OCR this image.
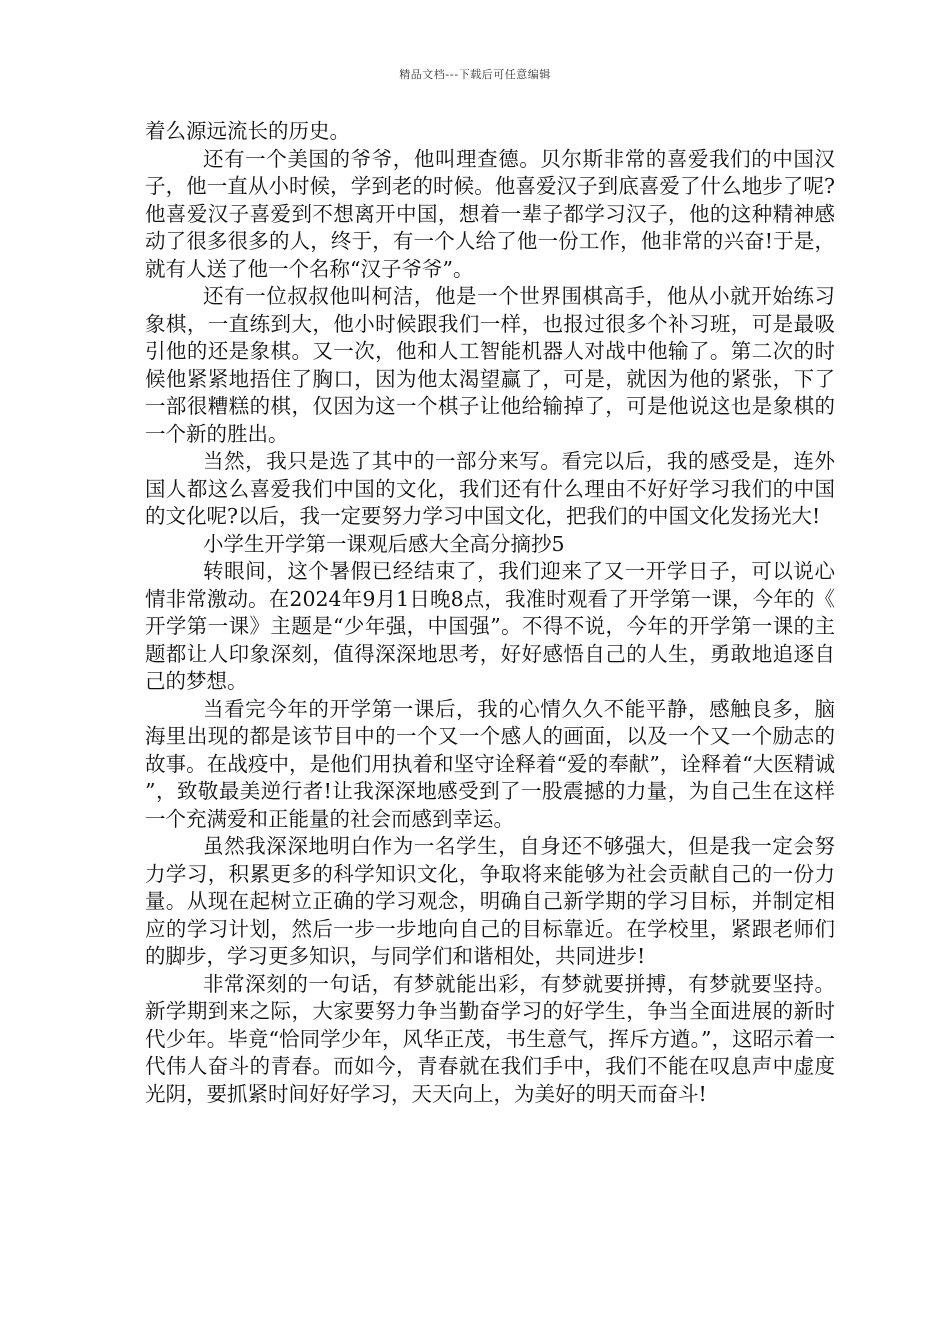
精品文档---下载后可任意编辑

着么源远流长的历史。

还有一个美国的爷爷，他叫理查德。贝尔斯非常的喜爱我们的中国汉子，他一直从小时候，学到老的时候。他喜爱汉子到底喜爱了什么地步了呢?他喜爱汉子喜爱到不想离开中国，想着一辈子都学习汉子，他的这种精神感动了很多很多的人，终于，有一个人给了他一份工作，他非常的兴奋!于是，就有人送了他一个名称“汉子爷爷”。

还有一位叔叔他叫柯洁，他是一个世界围棋高手，他从小就开始练习象棋，一直练到大，他小时候跟我们一样，也报过很多个补习班，可是最吸引他的还是象棋。又一次，他和人工智能机器人对战中他输了。第二次的时候他紧紧地捂住了胸口，因为他太渴望赢了，可是，就因为他的紧张，下了一部很糟糕的棋，仅因为这一个棋子让他给输掉了，可是他说这也是象棋的一个新的胜出。

当然，我只是选了其中的一部分来写。看完以后，我的感受是，连外国人都这么喜爱我们中国的文化，我们还有什么理由不好好学习我们的中国的文化呢?以后，我一定要努力学习中国文化，把我们的中国文化发扬光大!

小学生开学第一课观后感大全高分摘抄5

转眼间，这个暑假已经结束了，我们迎来了又一开学日子，可以说心情非常激动。在2024年9月1日晚8点，我准时观看了开学第一课，今年的《开学第一课》主题是“少年强，中国强”。不得不说，今年的开学第一课的主题都让人印象深刻，值得深深地思考，好好感悟自己的人生，勇敢地追逐自己的梦想。

当看完今年的开学第一课后，我的心情久久不能平静，感触良多，脑海里出现的都是该节目中的一个又一个感人的画面，以及一个又一个励志的故事。在战疫中，是他们用执着和坚守诠释着“爱的奉献”，诠释着“大医精诚”，致敬最美逆行者!让我深深地感受到了一股震撼的力量，为自己生在这样一个充满爱和正能量的社会而感到幸运。

虽然我深深地明白作为一名学生，自身还不够强大，但是我一定会努力学习，积累更多的科学知识文化，争取将来能够为社会贡献自己的一份力量。从现在起树立正确的学习观念，明确自己新学期的学习目标，并制定相应的学习计划，然后一步一步地向自己的目标靠近。在学校里，紧跟老师们的脚步，学习更多知识，与同学们和谐相处，共同进步!

非常深刻的一句话，有梦就能出彩，有梦就要拼搏，有梦就要坚持。新学期到来之际，大家要努力争当勤奋学习的好学生，争当全面进展的新时代少年。毕竟“恰同学少年，风华正茂，书生意气，挥斥方遒。”，这昭示着一代伟人奋斗的青春。而如今，青春就在我们手中，我们不能在叹息声中虚度光阴，要抓紧时间好好学习，天天向上，为美好的明天而奋斗!
